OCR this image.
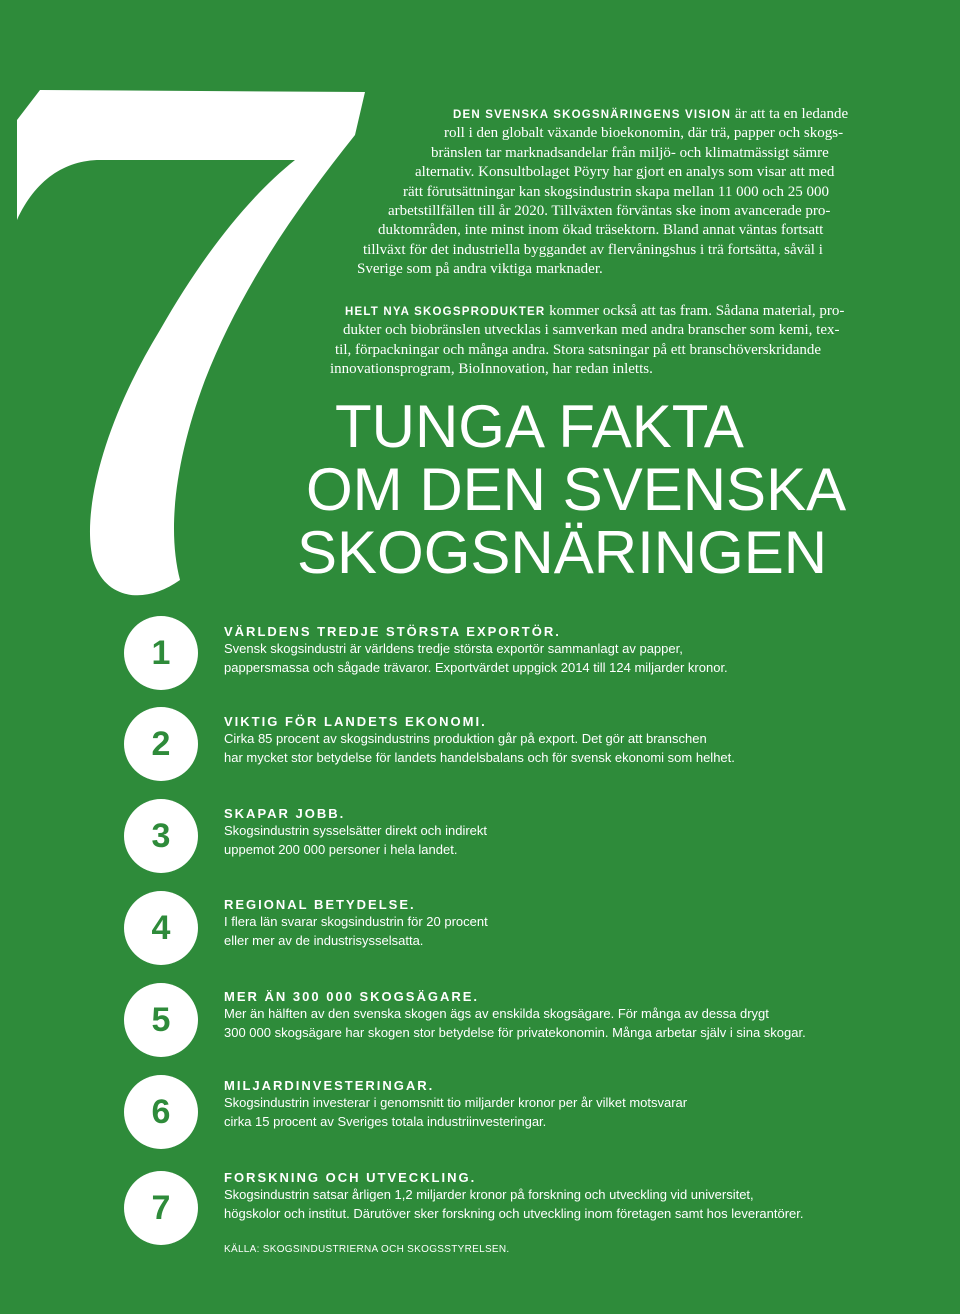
DEN SVENSKA SKOGSNÄRINGENS VISION är att ta en ledande
roll i den globalt växande bioekonomin, där trä, papper och skogs-
bränslen tar marknadsandelar från miljö- och klimatmässigt sämre
alternativ. Konsultbolaget Pöyry har gjort en analys som visar att med
rätt förutsättningar kan skogsindustrin skapa mellan 11 000 och 25 000
arbetstillfällen till år 2020. Tillväxten förväntas ske inom avancerade pro-
duktområden, inte minst inom ökad träsektorn. Bland annat väntas fortsatt
tillväxt för det industriella byggandet av flervåningshus i trä fortsätta, såväl i
Sverige som på andra viktiga marknader.
HELT NYA SKOGSPRODUKTER kommer också att tas fram. Sådana material, pro-
dukter och biobränslen utvecklas i samverkan med andra branscher som kemi, tex-
til, förpackningar och många andra. Stora satsningar på ett branschöverskridande
innovationsprogram, BioInnovation, har redan inletts.
TUNGA FAKTA
OM DEN SVENSKA
SKOGSNÄRINGEN
1
VÄRLDENS TREDJE STÖRSTA EXPORTÖR.
Svensk skogsindustri är världens tredje största exportör sammanlagt av papper,
pappersmassa och sågade trävaror. Exportvärdet uppgick 2014 till 124 miljarder kronor.
2
VIKTIG FÖR LANDETS EKONOMI.
Cirka 85 procent av skogsindustrins produktion går på export. Det gör att branschen
har mycket stor betydelse för landets handelsbalans och för svensk ekonomi som helhet.
3
SKAPAR JOBB.
Skogsindustrin sysselsätter direkt och indirekt
uppemot 200 000 personer i hela landet.
4
REGIONAL BETYDELSE.
I flera län svarar skogsindustrin för 20 procent
eller mer av de industrisysselsatta.
5
MER ÄN 300 000 SKOGSÄGARE.
Mer än hälften av den svenska skogen ägs av enskilda skogsägare. För många av dessa drygt
300 000 skogsägare har skogen stor betydelse för privatekonomin. Många arbetar själv i sina skogar.
6
MILJARDINVESTERINGAR.
Skogsindustrin investerar i genomsnitt tio miljarder kronor per år vilket motsvarar
cirka 15 procent av Sveriges totala industriinvesteringar.
7
FORSKNING OCH UTVECKLING.
Skogsindustrin satsar årligen 1,2 miljarder kronor på forskning och utveckling vid universitet,
högskolor och institut. Därutöver sker forskning och utveckling inom företagen samt hos leverantörer.
KÄLLA: SKOGSINDUSTRIERNA OCH SKOGSSTYRELSEN.
